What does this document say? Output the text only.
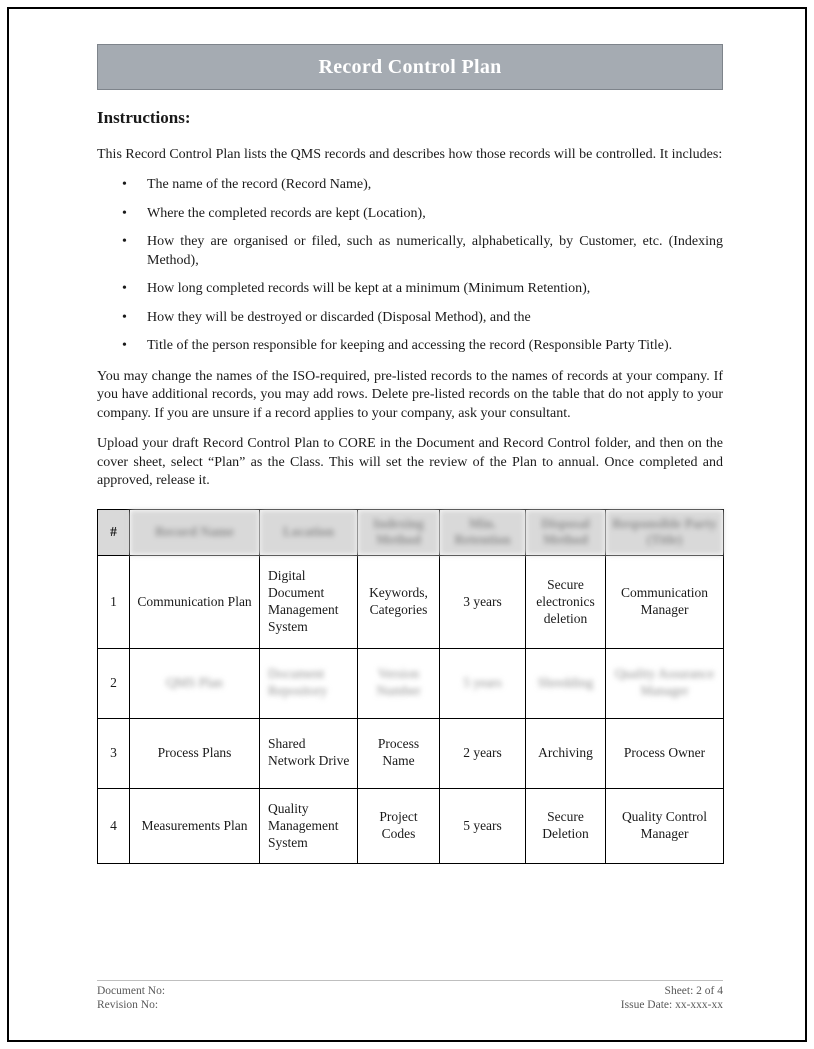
Record Control Plan
Instructions:

This Record Control Plan lists the QMS records and describes how those records will be controlled. It includes:

• The name of the record (Record Name),
• Where the completed records are kept (Location),
• How they are organised or filed, such as numerically, alphabetically, by Customer, etc. (Indexing Method),
• How long completed records will be kept at a minimum (Minimum Retention),
• How they will be destroyed or discarded (Disposal Method), and the
• Title of the person responsible for keeping and accessing the record (Responsible Party Title).

You may change the names of the ISO-required, pre-listed records to the names of records at your company. If you have additional records, you may add rows. Delete pre-listed records on the table that do not apply to your company. If you are unsure if a record applies to your company, ask your consultant.

Upload your draft Record Control Plan to CORE in the Document and Record Control folder, and then on the cover sheet, select “Plan” as the Class. This will set the review of the Plan to annual. Once completed and approved, release it.

#	Record Name	Location	Indexing Method	Min. Retention	Disposal Method	Responsible Party (Title)
1	Communication Plan	Digital Document Management System	Keywords, Categories	3 years	Secure electronics deletion	Communication Manager
2	QMS Plan	Document Repository	Version Number	5 years	Shredding	Quality Assurance Manager
3	Process Plans	Shared Network Drive	Process Name	2 years	Archiving	Process Owner
4	Measurements Plan	Quality Management System	Project Codes	5 years	Secure Deletion	Quality Control Manager
Document No:
Revision No:
Sheet: 2 of 4
Issue Date: xx-xxx-xx
